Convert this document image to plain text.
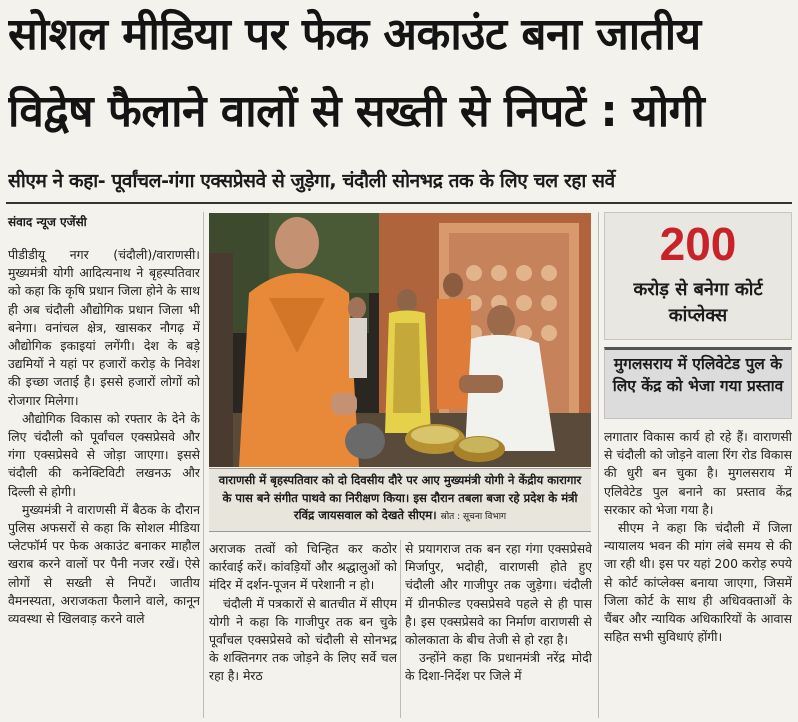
सोशल मीडिया पर फेक अकाउंट बना जातीय
विद्वेष फैलाने वालों से सख्ती से निपटें : योगी
सीएम ने कहा- पूर्वांचल-गंगा एक्सप्रेसवे से जुड़ेगा, चंदौली सोनभद्र तक के लिए चल रहा सर्वे
संवाद न्यूज एजेंसी

पीडीडीयू नगर (चंदौली)/वाराणसी। मुख्यमंत्री योगी आदित्यनाथ ने बृहस्पतिवार को कहा कि कृषि प्रधान जिला होने के साथ ही अब चंदौली औद्योगिक प्रधान जिला भी बनेगा। वनांचल क्षेत्र, खासकर नौगढ़ में औद्योगिक इकाइयां लगेंगी। देश के बड़े उद्यमियों ने यहां पर हजारों करोड़ के निवेश की इच्छा जताई है। इससे हजारों लोगों को रोजगार मिलेगा।

औद्योगिक विकास को रफ्तार के देने के लिए चंदौली को पूर्वांचल एक्सप्रेसवे और गंगा एक्सप्रेसवे से जोड़ा जाएगा। इससे चंदौली की कनेक्टिविटी लखनऊ और दिल्ली से होगी।

मुख्यमंत्री ने वाराणसी में बैठक के दौरान पुलिस अफसरों से कहा कि सोशल मीडिया प्लेटफॉर्म पर फेक अकाउंट बनाकर माहौल खराब करने वालों पर पैनी नजर रखें। ऐसे लोगों से सख्ती से निपटें। जातीय वैमनस्यता, अराजकता फैलाने वाले, कानून व्यवस्था से खिलवाड़ करने वाले

वाराणसी में बृहस्पतिवार को दो दिवसीय दौरे पर आए मुख्यमंत्री योगी ने केंद्रीय कारागार के पास बने संगीत पाथवे का निरीक्षण किया। इस दौरान तबला बजा रहे प्रदेश के मंत्री रविंद्र जायसवाल को देखते सीएम। स्रोत : सूचना विभाग

अराजक तत्वों को चिन्हित कर कठोर कार्रवाई करें। कांवड़ियों और श्रद्धालुओं को मंदिर में दर्शन-पूजन में परेशानी न हो।

चंदौली में पत्रकारों से बातचीत में सीएम योगी ने कहा कि गाजीपुर तक बन चुके पूर्वांचल एक्सप्रेसवे को चंदौली से सोनभद्र के शक्तिनगर तक जोड़ने के लिए सर्वे चल रहा है। मेरठ

से प्रयागराज तक बन रहा गंगा एक्सप्रेसवे मिर्जापुर, भदोही, वाराणसी होते हुए चंदौली और गाजीपुर तक जुड़ेगा। चंदौली में ग्रीनफील्ड एक्सप्रेसवे पहले से ही पास है। इस एक्सप्रेसवे का निर्माण वाराणसी से कोलकाता के बीच तेजी से हो रहा है।

उन्होंने कहा कि प्रधानमंत्री नरेंद्र मोदी के दिशा-निर्देश पर जिले में

200
करोड़ से बनेगा कोर्ट कांप्लेक्स
मुगलसराय में एलिवेटेड पुल के लिए केंद्र को भेजा गया प्रस्ताव

लगातार विकास कार्य हो रहे हैं। वाराणसी से चंदौली को जोड़ने वाला रिंग रोड विकास की धुरी बन चुका है। मुगलसराय में एलिवेटेड पुल बनाने का प्रस्ताव केंद्र सरकार को भेजा गया है।

सीएम ने कहा कि चंदौली में जिला न्यायालय भवन की मांग लंबे समय से की जा रही थी। इस पर यहां 200 करोड़ रुपये से कोर्ट कांप्लेक्स बनाया जाएगा, जिसमें जिला कोर्ट के साथ ही अधिवक्ताओं के चैंबर और न्यायिक अधिकारियों के आवास सहित सभी सुविधाएं होंगी।
